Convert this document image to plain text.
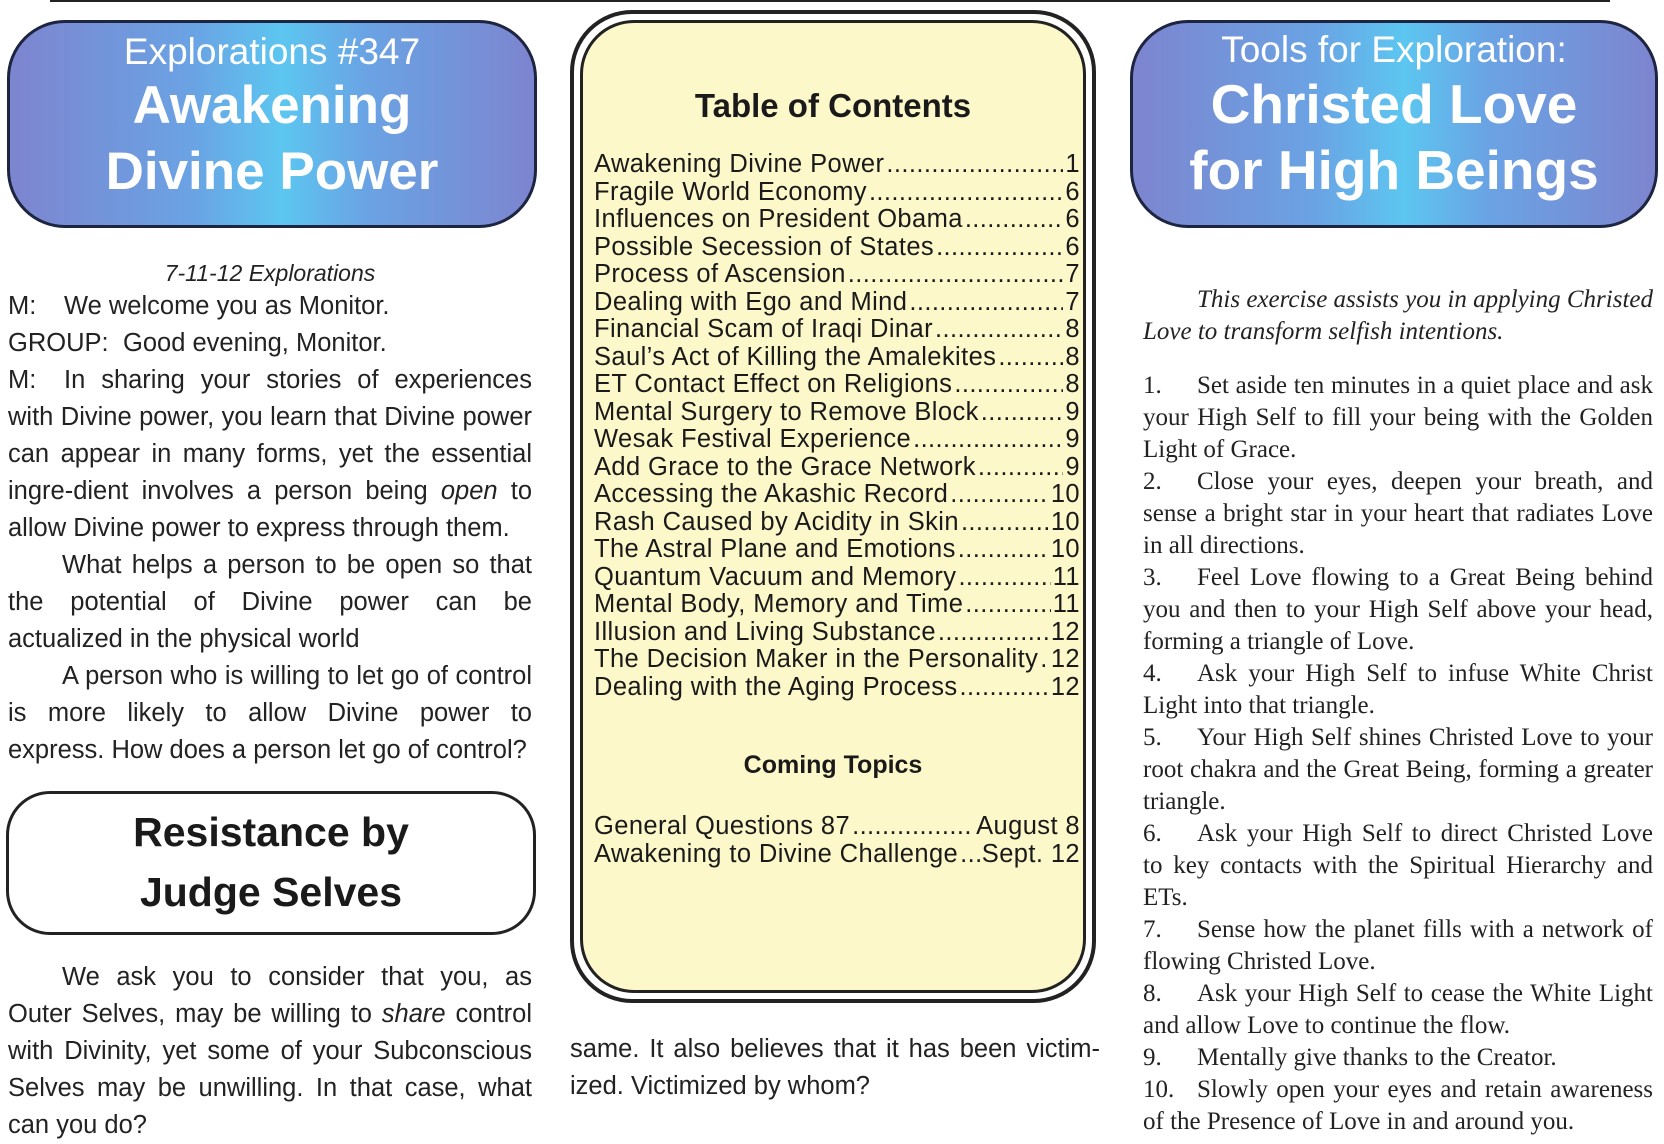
Explorations #347
Awakening Divine Power

7-11-12 Explorations

M: We welcome you as Monitor.

GROUP: Good evening, Monitor.

M: In sharing your stories of experiences with Divine power, you learn that Divine power can appear in many forms, yet the essential ingre-dient involves a person being open to allow Divine power to express through them.

What helps a person to be open so that the potential of Divine power can be actualized in the physical world

A person who is willing to let go of control is more likely to allow Divine power to express. How does a person let go of control?

Resistance by Judge Selves

We ask you to consider that you, as Outer Selves, may be willing to share control with Divinity, yet some of your Subconscious Selves may be unwilling. In that case, what can you do?

Table of Contents
Awakening Divine Power .....	1
Fragile World Economy .....	6
Influences on President Obama .....	6
Possible Secession of States .....	6
Process of Ascension .....	7
Dealing with Ego and Mind .....	7
Financial Scam of Iraqi Dinar .....	8
Saul’s Act of Killing the Amalekites .....	8
ET Contact Effect on Religions .....	8
Mental Surgery to Remove Block .....	9
Wesak Festival Experience .....	9
Add Grace to the Grace Network .....	9
Accessing the Akashic Record .....	10
Rash Caused by Acidity in Skin .....	10
The Astral Plane and Emotions .....	10
Quantum Vacuum and Memory .....	11
Mental Body, Memory and Time .....	11
Illusion and Living Substance .....	12
The Decision Maker in the Personality ..... 12
Dealing with the Aging Process .....	12
Coming Topics
General Questions 87 .....	August 8
Awakening to Divine Challenge ..... Sept. 12
same. It also believes that it has been victim-ized. Victimized by whom?
Tools for Exploration:
Christed Love for High Beings

This exercise assists you in applying Christed Love to transform selfish intentions.

1. Set aside ten minutes in a quiet place and ask your High Self to fill your being with the Golden Light of Grace.

2. Close your eyes, deepen your breath, and sense a bright star in your heart that radiates Love in all directions.

3. Feel Love flowing to a Great Being behind you and then to your High Self above your head, forming a triangle of Love.

4. Ask your High Self to infuse White Christ Light into that triangle.

5. Your High Self shines Christed Love to your root chakra and the Great Being, forming a greater triangle.

6. Ask your High Self to direct Christed Love to key contacts with the Spiritual Hierarchy and ETs.

7. Sense how the planet fills with a network of flowing Christed Love.

8. Ask your High Self to cease the White Light and allow Love to continue the flow.

9. Mentally give thanks to the Creator.

10. Slowly open your eyes and retain awareness of the Presence of Love in and around you.
